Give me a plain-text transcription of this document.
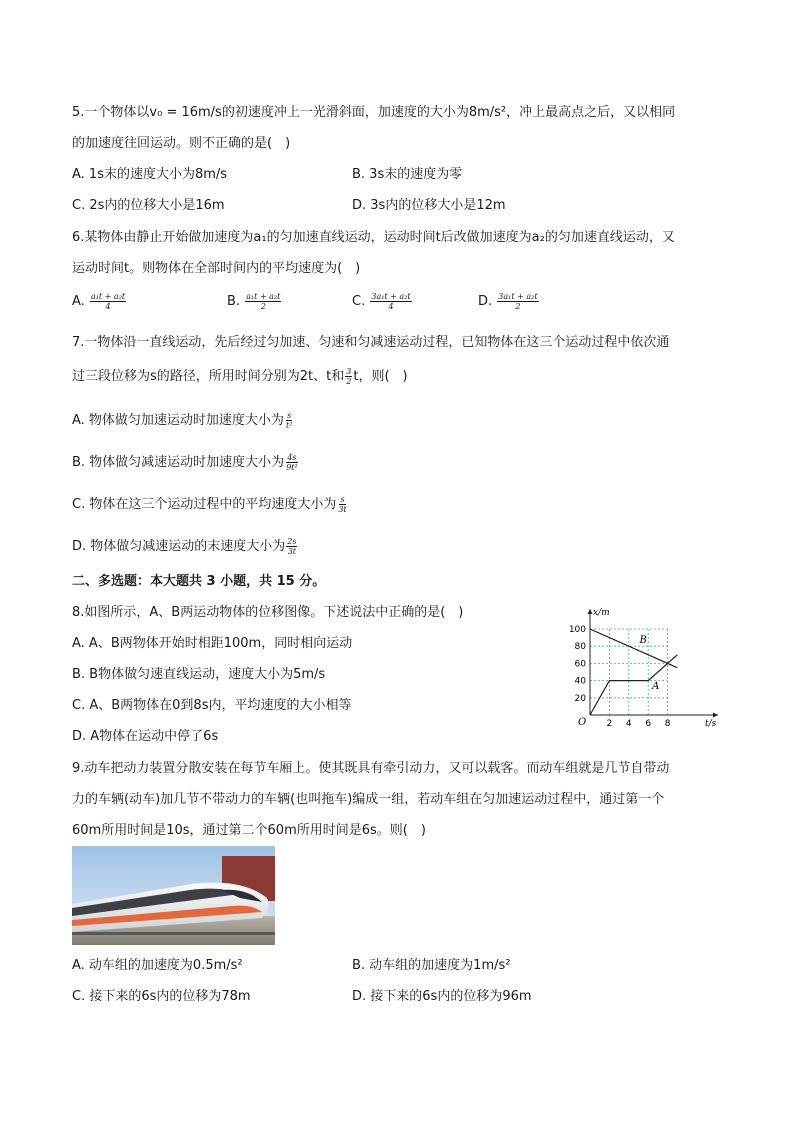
5.一个物体以v₀ = 16m/s的初速度冲上一光滑斜面，加速度的大小为8m/s²，冲上最高点之后，又以相同
的加速度往回运动。则不正确的是(　)
A. 1s末的速度大小为8m/s	B. 3s末的速度为零
C. 2s内的位移大小是16m	D. 3s内的位移大小是12m
6.某物体由静止开始做加速度为a₁的匀加速直线运动，运动时间t后改做加速度为a₂的匀加速直线运动，又
运动时间t。则物体在全部时间内的平均速度为(　)
A. $\frac{\text{a₁t + a₂t}}{4}$	B. $\frac{\text{a₁t + a₂t}}{2}$	C. $\frac{\text{3a₁t + a₂t}}{4}$	D. $\frac{\text{3a₁t + a₂t}}{2}$
7.一物体沿一直线运动，先后经过匀加速、匀速和匀减速运动过程，已知物体在这三个运动过程中依次通
过三段位移为s的路径，所用时间分别为2t、t和 $\frac{3}{2}$ t，则(　)
A. 物体做匀加速运动时加速度大小为 $\frac{s}{\text{t²}}$
B. 物体做匀减速运动时加速度大小为 $\frac{4s}{\text{9t²}}$
C. 物体在这三个运动过程中的平均速度大小为 $\frac{s}{3t}$
D. 物体做匀减速运动的末速度大小为 $\frac{2s}{3t}$
二、多选题：本大题共 3 小题，共 15 分。
8.如图所示，A、B两运动物体的位移图像。下述说法中正确的是(　)
A. A、B两物体开始时相距100m，同时相向运动
B. B物体做匀速直线运动，速度大小为5m/s
C. A、B两物体在0到8s内，平均速度的大小相等
D. A物体在运动中停了6s
2 4 6 8
20
40
60
80
100
O	t/s
x/m
B
A
9.动车把动力装置分散安装在每节车厢上。使其既具有牵引动力，又可以载客。而动车组就是几节自带动
力的车辆(动车)加几节不带动力的车辆(也叫拖车)编成一组，若动车组在匀加速运动过程中，通过第一个
60m所用时间是10s，通过第二个60m所用时间是6s。则(　)
A. 动车组的加速度为0.5m/s²	B. 动车组的加速度为1m/s²
C. 接下来的6s内的位移为78m	D. 接下来的6s内的位移为96m
